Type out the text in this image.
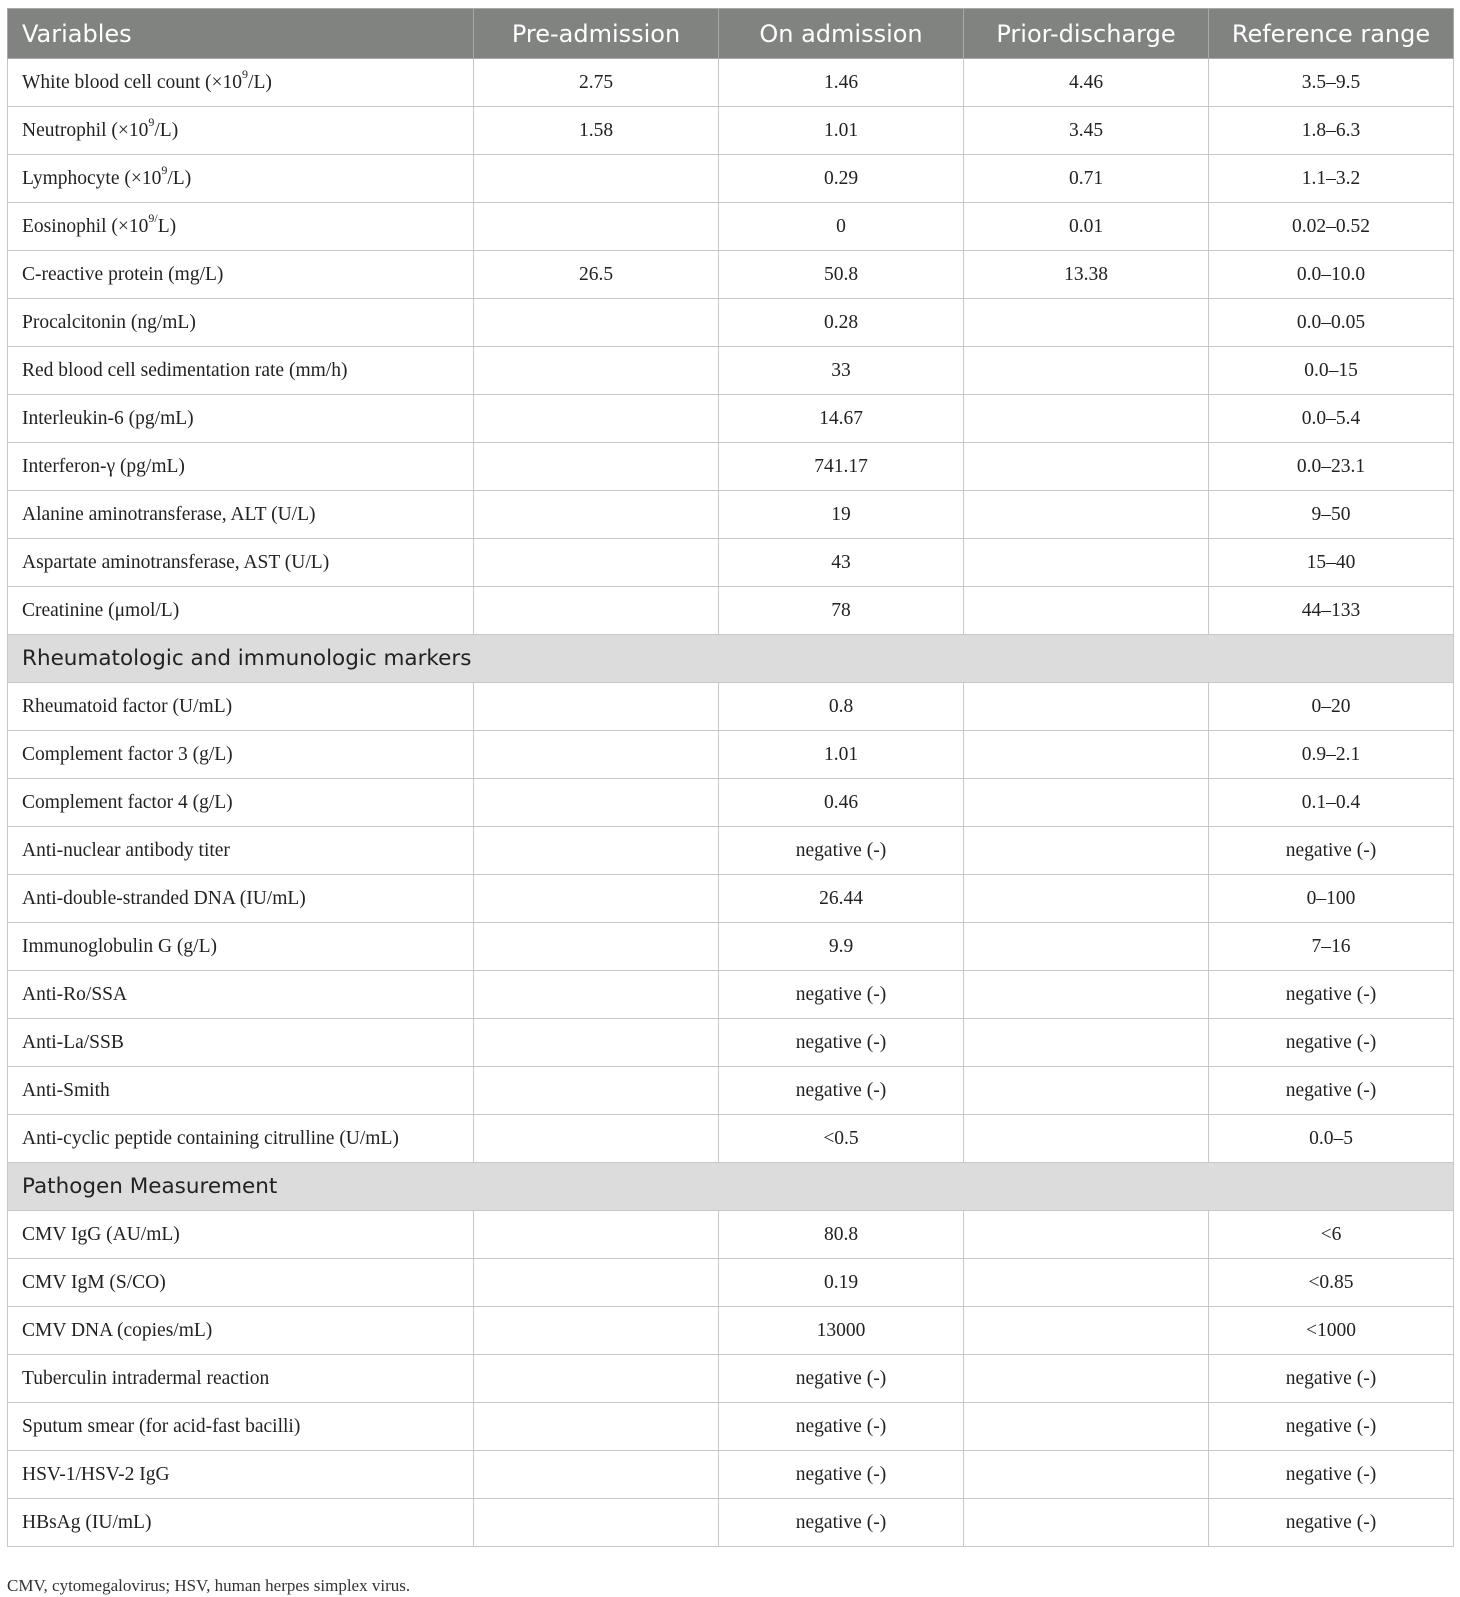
Variables	Pre-admission	On admission	Prior-discharge	Reference range
White blood cell count $(\times 10^9/L)$	2.75	1.46	4.46	3.5–9.5
Neutrophil $(\times 10^9/L)$	1.58	1.01	3.45	1.8–6.3
Lymphocyte $(\times 10^9/L)$		0.29	0.71	1.1–3.2
Eosinophil $(\times 10^{9/}L)$		0	0.01	0.02–0.52
C-reactive protein (mg/L)	26.5	50.8	13.38	0.0–10.0
Procalcitonin (ng/mL)		0.28		0.0–0.05
Red blood cell sedimentation rate (mm/h)		33		0.0–15
Interleukin-6 (pg/mL)		14.67		0.0–5.4
Interferon-γ (pg/mL)		741.17		0.0–23.1
Alanine aminotransferase, ALT (U/L)		19		9–50
Aspartate aminotransferase, AST (U/L)		43		15–40
Creatinine (μmol/L)		78		44–133
Rheumatologic and immunologic markers				
Rheumatoid factor (U/mL)		0.8		0–20
Complement factor 3 (g/L)		1.01		0.9–2.1
Complement factor 4 (g/L)		0.46		0.1–0.4
Anti-nuclear antibody titer		negative (-)		negative (-)
Anti-double-stranded DNA (IU/mL)		26.44		0–100
Immunoglobulin G (g/L)		9.9		7–16
Anti-Ro/SSA		negative (-)		negative (-)
Anti-La/SSB		negative (-)		negative (-)
Anti-Smith		negative (-)		negative (-)
Anti-cyclic peptide containing citrulline (U/mL)		<0.5		0.0–5
Pathogen Measurement				
CMV IgG (AU/mL)		80.8		<6
CMV IgM (S/CO)		0.19		<0.85
CMV DNA (copies/mL)		13000		<1000
Tuberculin intradermal reaction		negative (-)		negative (-)
Sputum smear (for acid-fast bacilli)		negative (-)		negative (-)
HSV-1/HSV-2 IgG		negative (-)		negative (-)
HBsAg (IU/mL)		negative (-)		negative (-)
CMV, cytomegalovirus; HSV, human herpes simplex virus.
